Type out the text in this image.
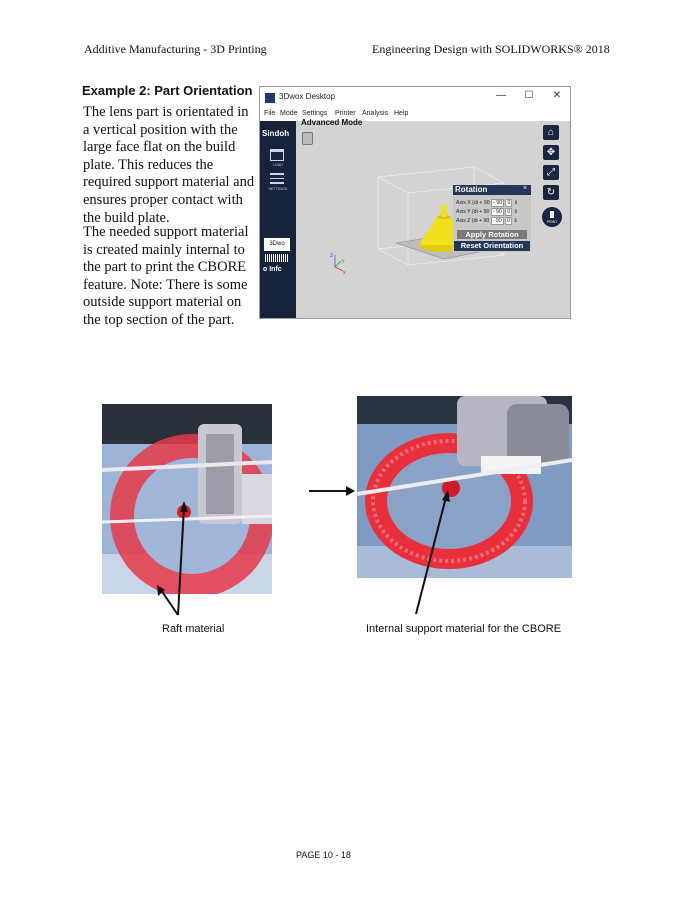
Additive Manufacturing - 3D Printing	Engineering Design with SOLIDWORKS® 2018
Example 2: Part Orientation

The lens part is orientated in a vertical position with the large face flat on the build plate. This reduces the required support material and ensures proper contact with the build plate.

The needed support material is created mainly internal to the part to print the CBORE feature. Note: There is some outside support material on the top section of the part.

3Dwox Desktop	— ☐ ✕
File Mode Settings Printer Analysis Help
Sindoh
LOAD
SETTINGS
3Dwo
o Infc
Advanced Mode
z
y
x
Rotation	×
Axis X (di + 90 - 90 0 ⇕
Axis Y (di + 90 - 90 0 ⇕
Axis Z (di + 90 - 90 0 ⇕
Apply Rotation
Reset Orientation
⌂
✥
⤢
↻
PRINT
Raft material	Internal support material for the CBORE
PAGE 10 - 18
